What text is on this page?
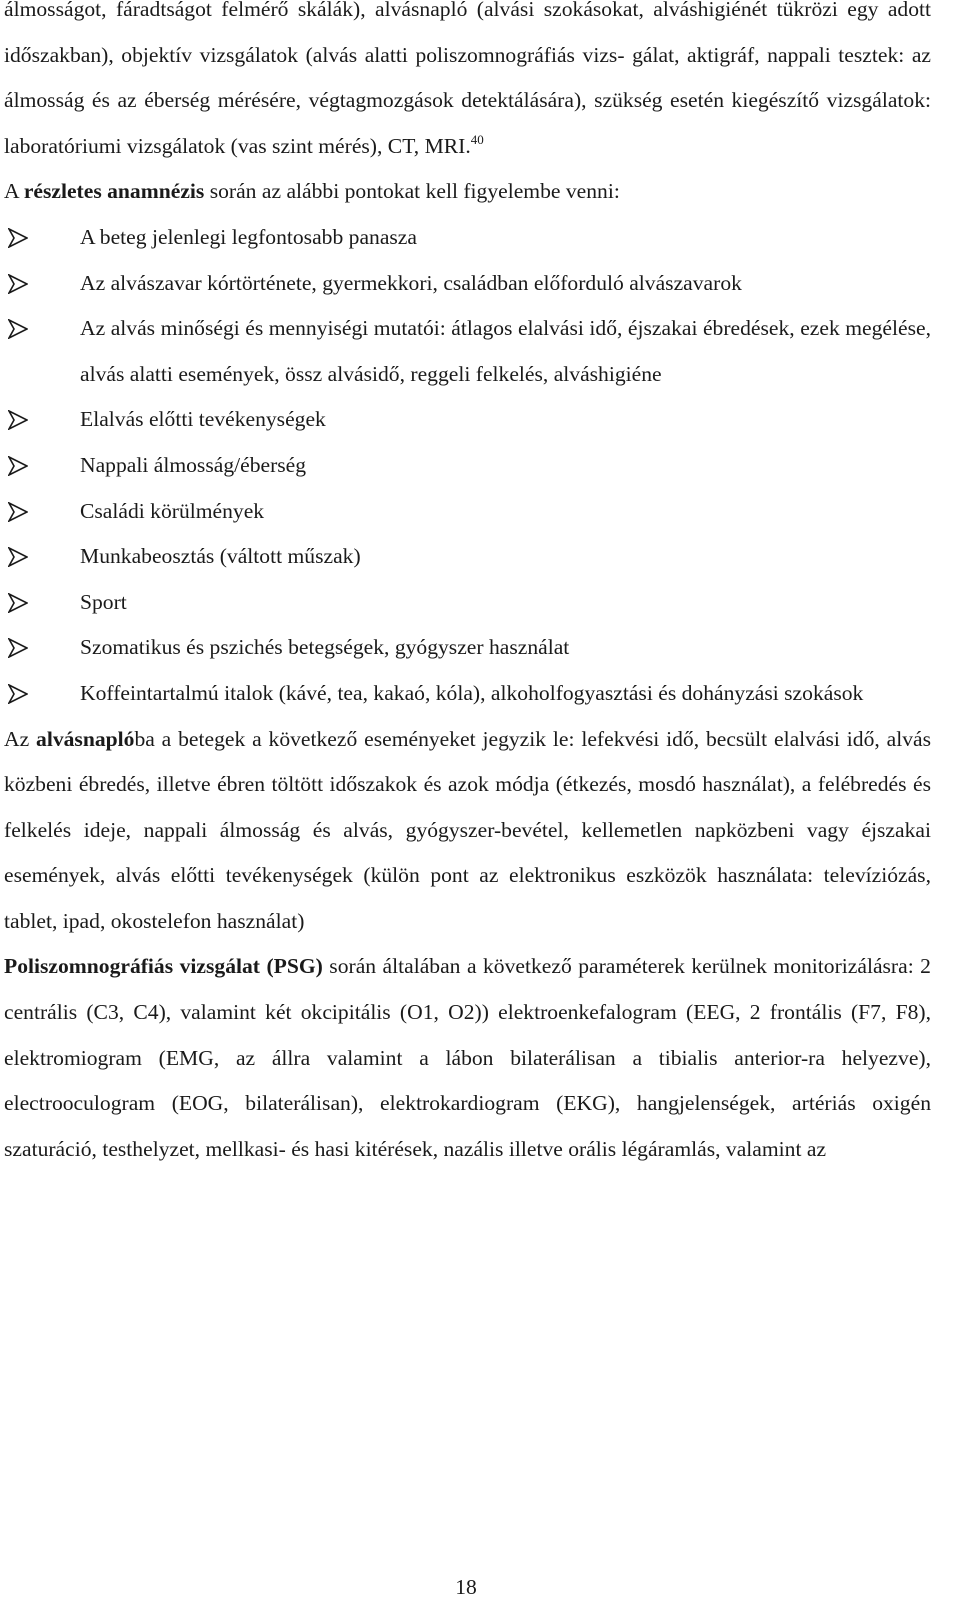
álmosságot, fáradtságot felmérő skálák), alvásnapló (alvási szokásokat, alváshigiénét tükrözi egy adott időszakban), objektív vizsgálatok (alvás alatti poliszomnográfiás vizs- gálat, aktigráf, nappali tesztek: az álmosság és az éberség mérésére, végtagmozgások detektálására), szükség esetén kiegészítő vizsgálatok: laboratóriumi vizsgálatok (vas szint mérés), CT, MRI.$^{40}$

A részletes anamnézis során az alábbi pontokat kell figyelembe venni:

A beteg jelenlegi legfontosabb panasza
Az alvászavar kórtörténete, gyermekkori, családban előforduló alvászavarok
Az alvás minőségi és mennyiségi mutatói: átlagos elalvási idő, éjszakai ébredések, ezek megélése, alvás alatti események, össz alvásidő, reggeli felkelés, alváshigiéne
Elalvás előtti tevékenységek
Nappali álmosság/éberség
Családi körülmények
Munkabeosztás (váltott műszak)
Sport
Szomatikus és pszichés betegségek, gyógyszer használat
Koffeintartalmú italok (kávé, tea, kakaó, kóla), alkoholfogyasztási és dohányzási szokások

Az alvásnaplóba a betegek a következő eseményeket jegyzik le: lefekvési idő, becsült elalvási idő, alvás közbeni ébredés, illetve ébren töltött időszakok és azok módja (étkezés, mosdó használat), a felébredés és felkelés ideje, nappali álmosság és alvás, gyógyszer-bevétel, kellemetlen napközbeni vagy éjszakai események, alvás előtti tevékenységek (külön pont az elektronikus eszközök használata: televíziózás, tablet, ipad, okostelefon használat)

Poliszomnográfiás vizsgálat (PSG) során általában a következő paraméterek kerülnek monitorizálásra: 2 centrális (C3, C4), valamint két okcipitális (O1, O2)) elektroenkefalogram (EEG, 2 frontális (F7, F8), elektromiogram (EMG, az állra valamint a lábon bilaterálisan a tibialis anterior-ra helyezve), electrooculogram (EOG, bilaterálisan), elektrokardiogram (EKG), hangjelenségek, artériás oxigén szaturáció, testhelyzet, mellkasi- és hasi kitérések, nazális illetve orális légáramlás, valamint az

18
